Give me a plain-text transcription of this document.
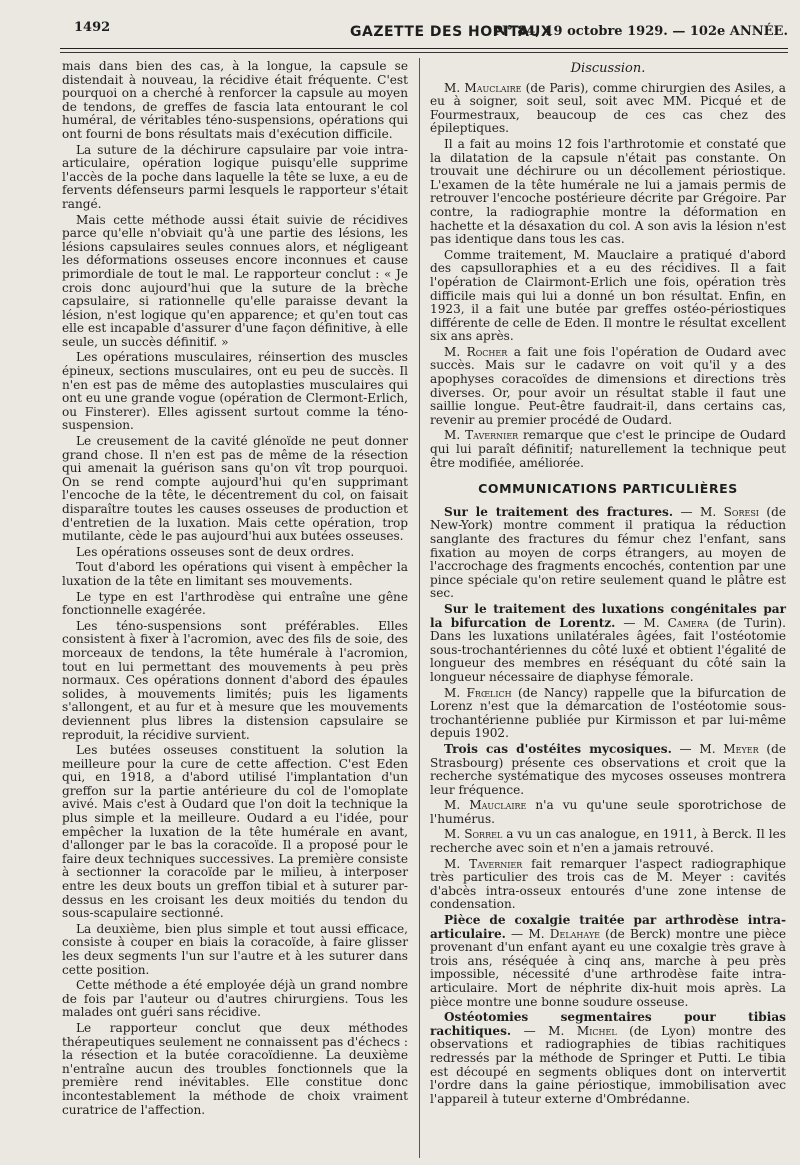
1492	GAZETTE DES HOPITAUX
N° 84, 19 octobre 1929. — 102e ANNÉE.

mais dans bien des cas, à la longue, la capsule se distendait à nouveau, la récidive était fréquente. C'est pourquoi on a cherché à renforcer la capsule au moyen de tendons, de greffes de fascia lata entourant le col huméral, de véritables téno-suspensions, opérations qui ont fourni de bons résultats mais d'exécution difficile.

La suture de la déchirure capsulaire par voie intra-articulaire, opération logique puisqu'elle supprime l'accès de la poche dans laquelle la tête se luxe, a eu de fervents défenseurs parmi lesquels le rapporteur s'était rangé.

Mais cette méthode aussi était suivie de récidives parce qu'elle n'obviait qu'à une partie des lésions, les lésions capsulaires seules connues alors, et négligeant les déformations osseuses encore inconnues et cause primordiale de tout le mal. Le rapporteur conclut : « Je crois donc aujourd'hui que la suture de la brèche capsulaire, si rationnelle qu'elle paraisse devant la lésion, n'est logique qu'en apparence; et qu'en tout cas elle est incapable d'assurer d'une façon définitive, à elle seule, un succès définitif. »

Les opérations musculaires, réinsertion des muscles épineux, sections musculaires, ont eu peu de succès. Il n'en est pas de même des autoplasties musculaires qui ont eu une grande vogue (opération de Clermont-Erlich, ou Finsterer). Elles agissent surtout comme la téno-suspension.

Le creusement de la cavité glénoïde ne peut donner grand chose. Il n'en est pas de même de la résection qui amenait la guérison sans qu'on vît trop pourquoi. On se rend compte aujourd'hui qu'en supprimant l'encoche de la tête, le décentrement du col, on faisait disparaître toutes les causes osseuses de production et d'entretien de la luxation. Mais cette opération, trop mutilante, cède le pas aujourd'hui aux butées osseuses.

Les opérations osseuses sont de deux ordres.

Tout d'abord les opérations qui visent à empêcher la luxation de la tête en limitant ses mouvements.

Le type en est l'arthrodèse qui entraîne une gêne fonctionnelle exagérée.

Les téno-suspensions sont préférables. Elles consistent à fixer à l'acromion, avec des fils de soie, des morceaux de tendons, la tête humérale à l'acromion, tout en lui permettant des mouvements à peu près normaux. Ces opérations donnent d'abord des épaules solides, à mouvements limités; puis les ligaments s'allongent, et au fur et à mesure que les mouvements deviennent plus libres la distension capsulaire se reproduit, la récidive survient.

Les butées osseuses constituent la solution la meilleure pour la cure de cette affection. C'est Eden qui, en 1918, a d'abord utilisé l'implantation d'un greffon sur la partie antérieure du col de l'omoplate avivé. Mais c'est à Oudard que l'on doit la technique la plus simple et la meilleure. Oudard a eu l'idée, pour empêcher la luxation de la tête humérale en avant, d'allonger par le bas la coracoïde. Il a proposé pour le faire deux techniques successives. La première consiste à sectionner la coracoïde par le milieu, à interposer entre les deux bouts un greffon tibial et à suturer par-dessus en les croisant les deux moitiés du tendon du sous-scapulaire sectionné.

La deuxième, bien plus simple et tout aussi efficace, consiste à couper en biais la coracoïde, à faire glisser les deux segments l'un sur l'autre et à les suturer dans cette position.

Cette méthode a été employée déjà un grand nombre de fois par l'auteur ou d'autres chirurgiens. Tous les malades ont guéri sans récidive.

Le rapporteur conclut que deux méthodes thérapeutiques seulement ne connaissent pas d'échecs : la résection et la butée coracoïdienne. La deuxième n'entraîne aucun des troubles fonctionnels que la première rend inévitables. Elle constitue donc incontestablement la méthode de choix vraiment curatrice de l'affection.

Discussion.

M. Mauclaire (de Paris), comme chirurgien des Asiles, a eu à soigner, soit seul, soit avec MM. Picqué et de Fourmestraux, beaucoup de ces cas chez des épileptiques.

Il a fait au moins 12 fois l'arthrotomie et constaté que la dilatation de la capsule n'était pas constante. On trouvait une déchirure ou un décollement périostique. L'examen de la tête humérale ne lui a jamais permis de retrouver l'encoche postérieure décrite par Grégoire. Par contre, la radiographie montre la déformation en hachette et la désaxation du col. A son avis la lésion n'est pas identique dans tous les cas.

Comme traitement, M. Mauclaire a pratiqué d'abord des capsulloraphies et a eu des récidives. Il a fait l'opération de Clairmont-Erlich une fois, opération très difficile mais qui lui a donné un bon résultat. Enfin, en 1923, il a fait une butée par greffes ostéo-périostiques différente de celle de Eden. Il montre le résultat excellent six ans après.

M. Rocher a fait une fois l'opération de Oudard avec succès. Mais sur le cadavre on voit qu'il y a des apophyses coracoïdes de dimensions et directions très diverses. Or, pour avoir un résultat stable il faut une saillie longue. Peut-être faudrait-il, dans certains cas, revenir au premier procédé de Oudard.

M. Tavernier remarque que c'est le principe de Oudard qui lui paraît définitif; naturellement la technique peut être modifiée, améliorée.

COMMUNICATIONS PARTICULIÈRES

Sur le traitement des fractures. — M. Soresi (de New-York) montre comment il pratiqua la réduction sanglante des fractures du fémur chez l'enfant, sans fixation au moyen de corps étrangers, au moyen de l'accrochage des fragments encochés, contention par une pince spéciale qu'on retire seulement quand le plâtre est sec.

Sur le traitement des luxations congénitales par la bifurcation de Lorentz. — M. Camera (de Turin). Dans les luxations unilatérales âgées, fait l'ostéotomie sous-trochantériennes du côté luxé et obtient l'égalité de longueur des membres en réséquant du côté sain la longueur nécessaire de diaphyse fémorale.

M. Frœlich (de Nancy) rappelle que la bifurcation de Lorenz n'est que la démarcation de l'ostéotomie sous-trochantérienne publiée pur Kirmisson et par lui-même depuis 1902.

Trois cas d'ostéites mycosiques. — M. Meyer (de Strasbourg) présente ces observations et croit que la recherche systématique des mycoses osseuses montrera leur fréquence.

M. Mauclaire n'a vu qu'une seule sporotrichose de l'humérus.

M. Sorrel a vu un cas analogue, en 1911, à Berck. Il les recherche avec soin et n'en a jamais retrouvé.

M. Tavernier fait remarquer l'aspect radiographique très particulier des trois cas de M. Meyer : cavités d'abcès intra-osseux entourés d'une zone intense de condensation.

Pièce de coxalgie traitée par arthrodèse intra-articulaire. — M. Delahaye (de Berck) montre une pièce provenant d'un enfant ayant eu une coxalgie très grave à trois ans, réséquée à cinq ans, marche à peu près impossible, nécessité d'une arthrodèse faite intra-articulaire. Mort de néphrite dix-huit mois après. La pièce montre une bonne soudure osseuse.

Ostéotomies segmentaires pour tibias rachitiques. — M. Michel (de Lyon) montre des observations et radiographies de tibias rachitiques redressés par la méthode de Springer et Putti. Le tibia est découpé en segments obliques dont on intervertit l'ordre dans la gaine périostique, immobilisation avec l'appareil à tuteur externe d'Ombrédanne.
